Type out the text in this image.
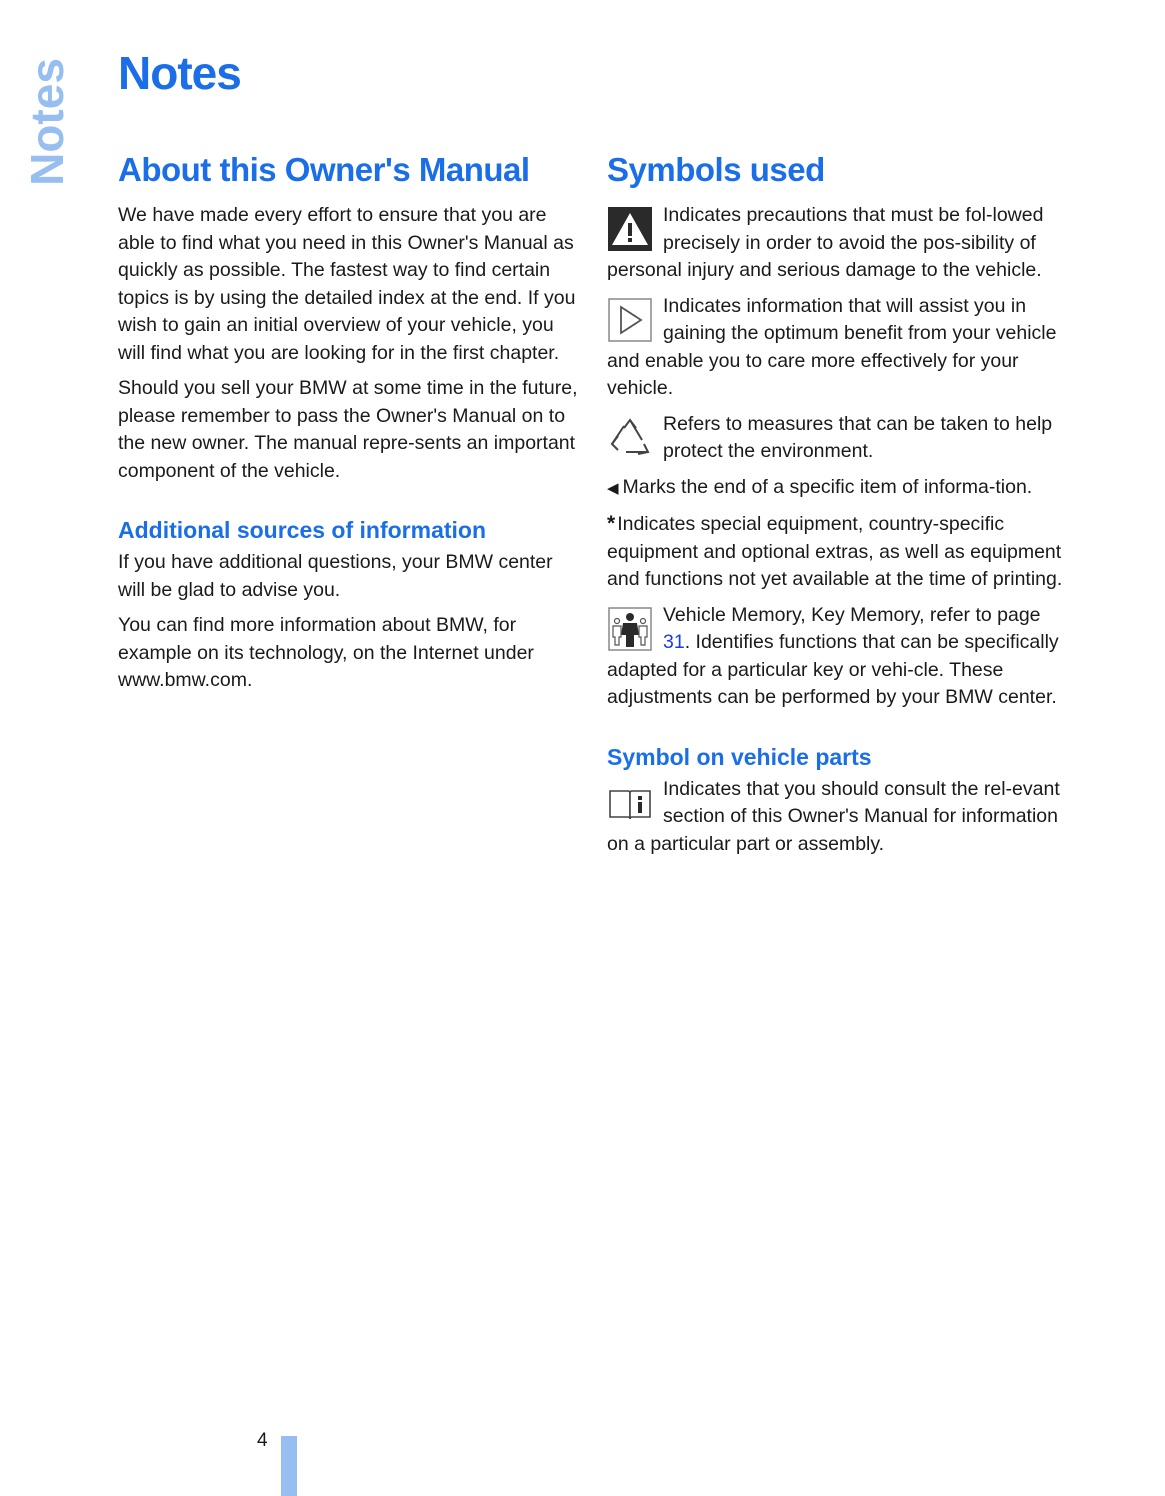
Notes Notes
About this Owner's Manual

We have made every effort to ensure that you are able to find what you need in this Owner's Manual as quickly as possible. The fastest way to find certain topics is by using the detailed index at the end. If you wish to gain an initial overview of your vehicle, you will find what you are looking for in the first chapter.

Should you sell your BMW at some time in the future, please remember to pass the Owner's Manual on to the new owner. The manual repre-sents an important component of the vehicle.

Additional sources of information

If you have additional questions, your BMW center will be glad to advise you.

You can find more information about BMW, for example on its technology, on the Internet under www.bmw.com.

Symbols used

Indicates precautions that must be fol-lowed precisely in order to avoid the pos-sibility of personal injury and serious damage to the vehicle.

Indicates information that will assist you in gaining the optimum benefit from your vehicle and enable you to care more effectively for your vehicle.

Refers to measures that can be taken to help protect the environment.

◀ Marks the end of a specific item of informa-tion.

* Indicates special equipment, country-specific equipment and optional extras, as well as equipment and functions not yet available at the time of printing.

Vehicle Memory, Key Memory, refer to page 31. Identifies functions that can be specifically adapted for a particular key or vehi-cle. These adjustments can be performed by your BMW center.

Symbol on vehicle parts

Indicates that you should consult the rel-evant section of this Owner's Manual for information on a particular part or assembly.

4
